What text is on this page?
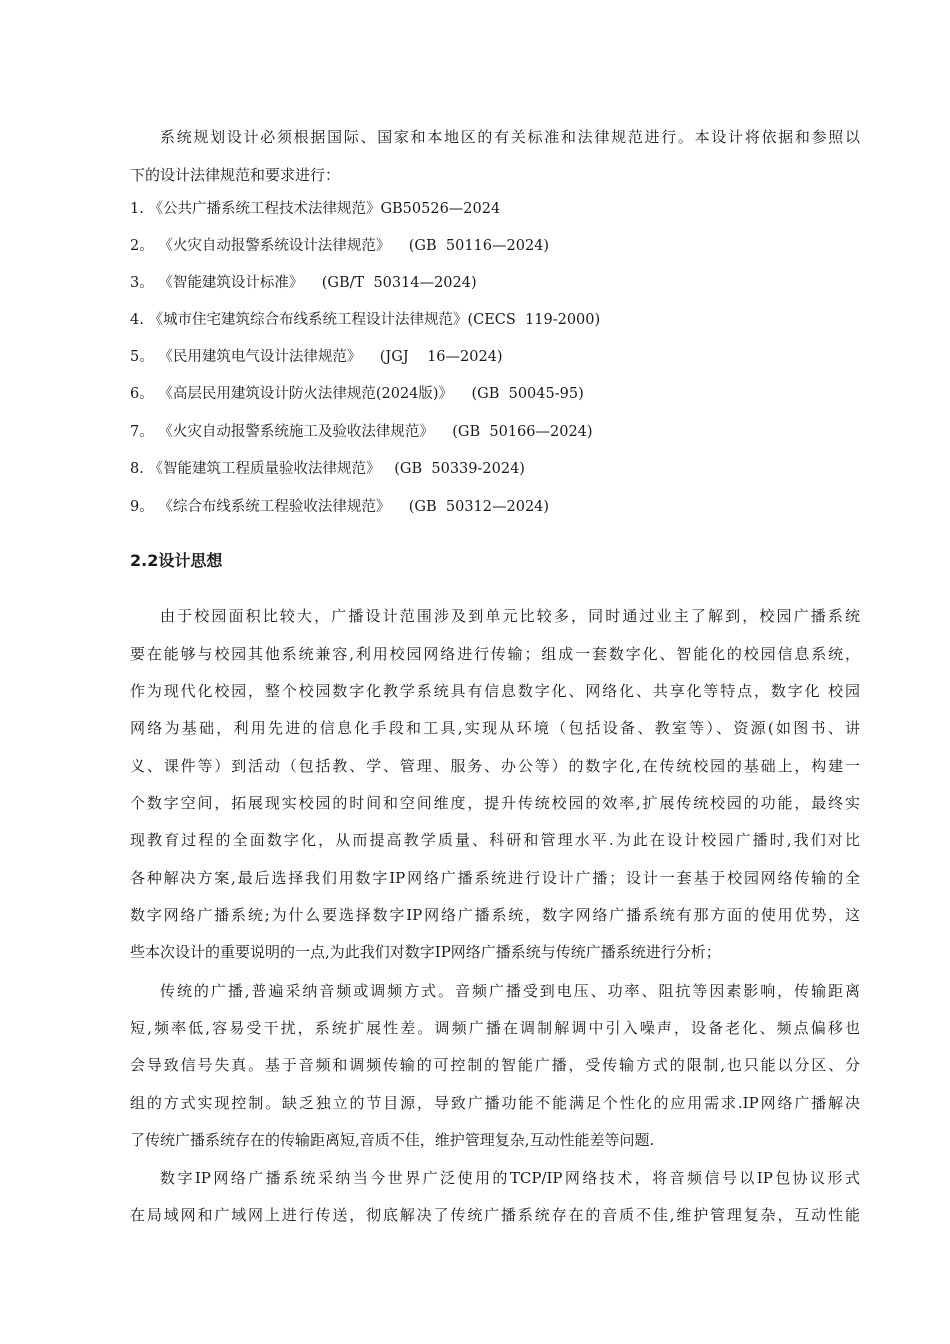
系统规划设计必须根据国际、国家和本地区的有关标准和法律规范进行。本设计将依据和参照以
下的设计法律规范和要求进行：
1. 《公共广播系统工程技术法律规范》GB50526—2024
2。 《火灾自动报警系统设计法律规范》    (GB  50116—2024)
3。 《智能建筑设计标准》    (GB/T  50314—2024)
4. 《城市住宅建筑综合布线系统工程设计法律规范》(CECS  119-2000)
5。 《民用建筑电气设计法律规范》    (JGJ    16—2024)
6。 《高层民用建筑设计防火法律规范(2024版)》    (GB  50045-95)
7。 《火灾自动报警系统施工及验收法律规范》    (GB  50166—2024)
8. 《智能建筑工程质量验收法律规范》   (GB  50339-2024)
9。 《综合布线系统工程验收法律规范》    (GB  50312—2024)
2.2设计思想
由于校园面积比较大，广播设计范围涉及到单元比较多，同时通过业主了解到，校园广播系统
要在能够与校园其他系统兼容,利用校园网络进行传输；组成一套数字化、智能化的校园信息系统，
作为现代化校园，整个校园数字化教学系统具有信息数字化、网络化、共享化等特点，数字化 校园
网络为基础，利用先进的信息化手段和工具,实现从环境（包括设备、教室等）、资源(如图书、讲
义、课件等）到活动（包括教、学、管理、服务、办公等）的数字化,在传统校园的基础上，构建一
个数字空间，拓展现实校园的时间和空间维度，提升传统校园的效率,扩展传统校园的功能，最终实
现教育过程的全面数字化，从而提高教学质量、科研和管理水平.为此在设计校园广播时,我们对比
各种解决方案,最后选择我们用数字IP网络广播系统进行设计广播；设计一套基于校园网络传输的全
数字网络广播系统;为什么要选择数字IP网络广播系统，数字网络广播系统有那方面的使用优势，这
些本次设计的重要说明的一点,为此我们对数字IP网络广播系统与传统广播系统进行分析；
传统的广播,普遍采纳音频或调频方式。音频广播受到电压、功率、阻抗等因素影响，传输距离
短,频率低,容易受干扰，系统扩展性差。调频广播在调制解调中引入噪声，设备老化、频点偏移也
会导致信号失真。基于音频和调频传输的可控制的智能广播，受传输方式的限制,也只能以分区、分
组的方式实现控制。缺乏独立的节目源，导致广播功能不能满足个性化的应用需求.IP网络广播解决
了传统广播系统存在的传输距离短,音质不佳，维护管理复杂,互动性能差等问题.
数字IP网络广播系统采纳当今世界广泛使用的TCP/IP网络技术，将音频信号以IP包协议形式
在局域网和广域网上进行传送，彻底解决了传统广播系统存在的音质不佳,维护管理复杂，互动性能
